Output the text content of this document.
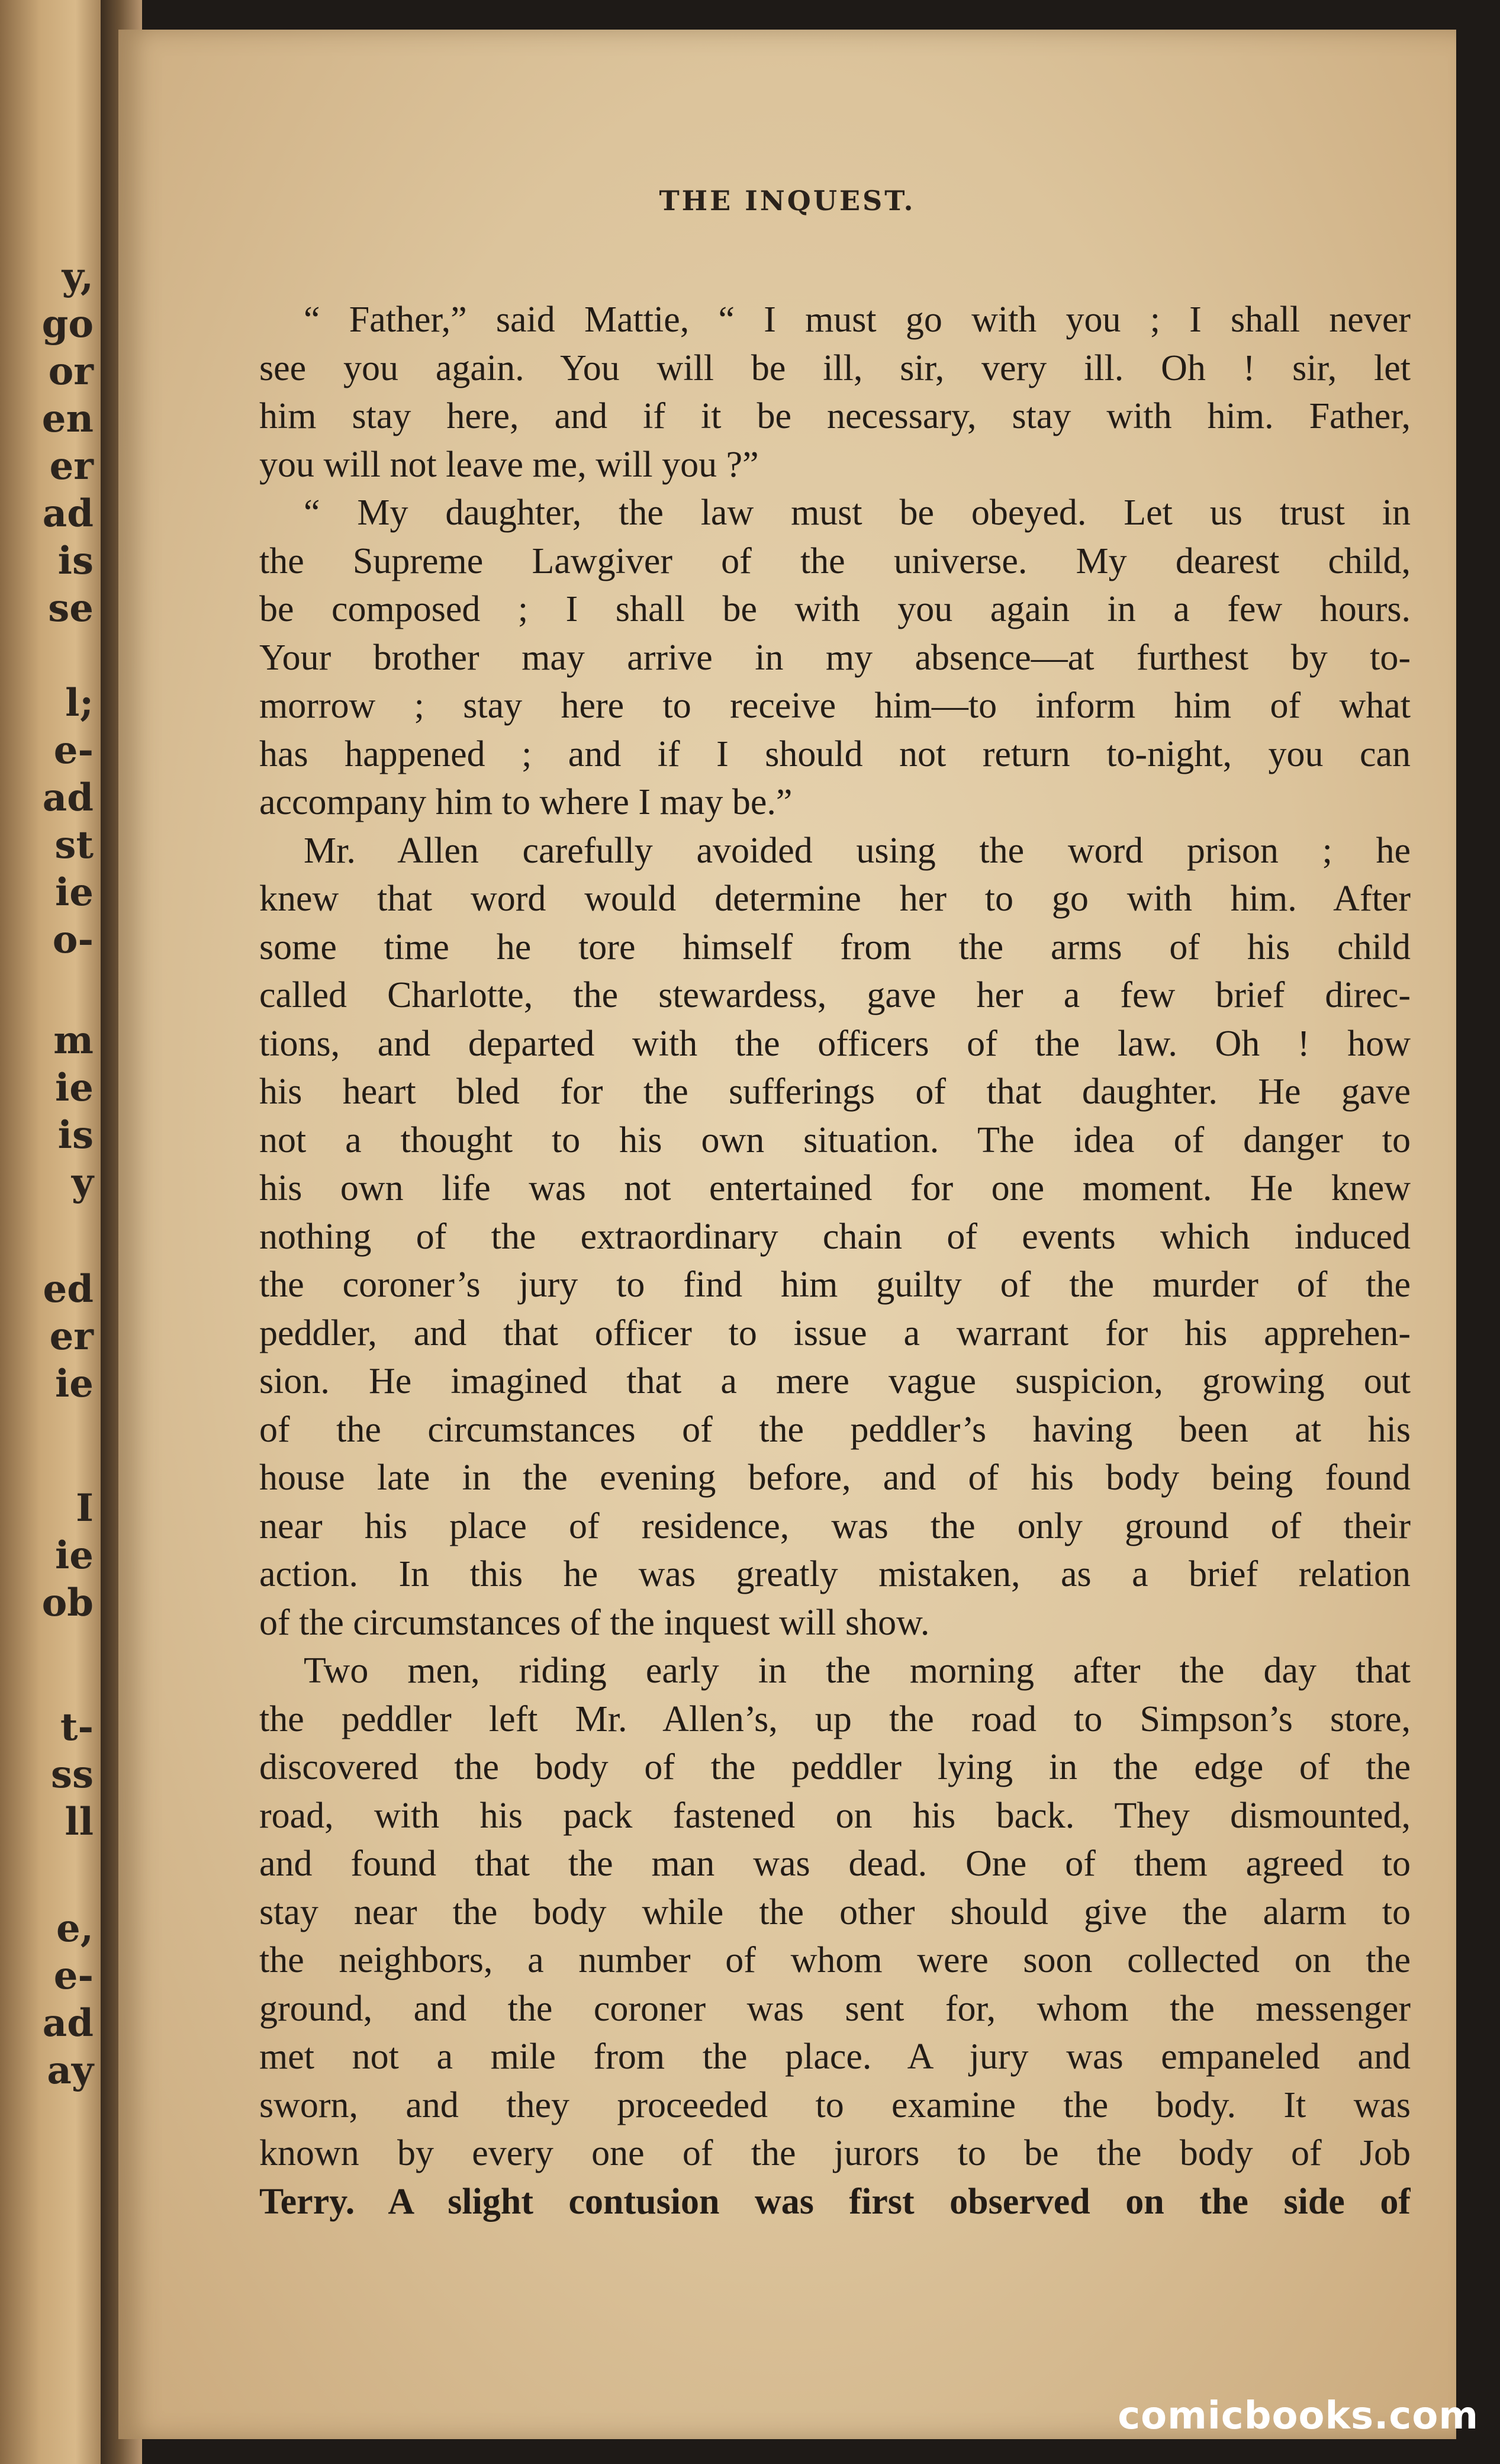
y,
go
or
en
er
ad
is
se
l;
e-
ad
st
ie
o-
m
ie
is
y
ed
er
ie
I
ie
ob
t-
ss
ll
e,
e-
ad
ay
THE INQUEST.
“ Father,” said Mattie, “ I must go with you ; I shall never
see you again. You will be ill, sir, very ill. Oh ! sir, let
him stay here, and if it be necessary, stay with him. Father,
you will not leave me, will you ?”
“ My daughter, the law must be obeyed. Let us trust in
the Supreme Lawgiver of the universe. My dearest child,
be composed ; I shall be with you again in a few hours.
Your brother may arrive in my absence—at furthest by to-
morrow ; stay here to receive him—to inform him of what
has happened ; and if I should not return to-night, you can
accompany him to where I may be.”
Mr. Allen carefully avoided using the word prison ; he
knew that word would determine her to go with him. After
some time he tore himself from the arms of his child
called Charlotte, the stewardess, gave her a few brief direc-
tions, and departed with the officers of the law. Oh ! how
his heart bled for the sufferings of that daughter. He gave
not a thought to his own situation. The idea of danger to
his own life was not entertained for one moment. He knew
nothing of the extraordinary chain of events which induced
the coroner’s jury to find him guilty of the murder of the
peddler, and that officer to issue a warrant for his apprehen-
sion. He imagined that a mere vague suspicion, growing out
of the circumstances of the peddler’s having been at his
house late in the evening before, and of his body being found
near his place of residence, was the only ground of their
action. In this he was greatly mistaken, as a brief relation
of the circumstances of the inquest will show.
Two men, riding early in the morning after the day that
the peddler left Mr. Allen’s, up the road to Simpson’s store,
discovered the body of the peddler lying in the edge of the
road, with his pack fastened on his back. They dismounted,
and found that the man was dead. One of them agreed to
stay near the body while the other should give the alarm to
the neighbors, a number of whom were soon collected on the
ground, and the coroner was sent for, whom the messenger
met not a mile from the place. A jury was empaneled and
sworn, and they proceeded to examine the body. It was
known by every one of the jurors to be the body of Job
Terry. A slight contusion was first observed on the side of
comicbooks.com
